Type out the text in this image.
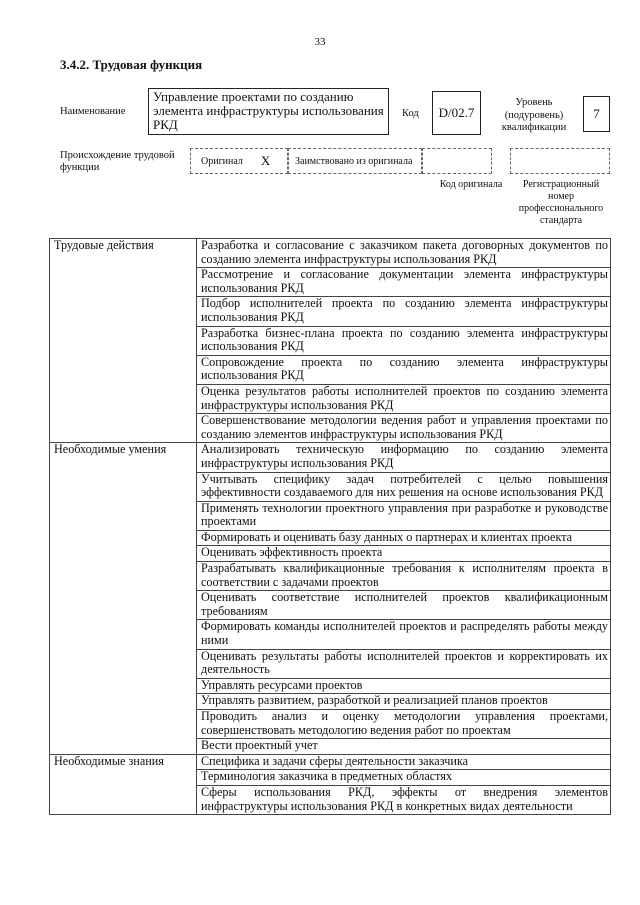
33
3.4.2. Трудовая функция
Наименование
Управление проектами по созданию элемента инфраструктуры использования РКД
Код	D/02.7
Уровень (подуровень) квалификации
7
Происхождение трудовой функции
Оригинал	X Заимствовано из оригинала
Код оригинала	Регистрационный номер профессионального стандарта
Трудовые действия	Разработка и согласование с заказчиком пакета договорных документов по созданию элемента инфраструктуры использования РКД
	Рассмотрение и согласование документации элемента инфраструктуры использования РКД
	Подбор исполнителей проекта по созданию элемента инфраструктуры использования РКД
	Разработка бизнес-плана проекта по созданию элемента инфраструктуры использования РКД
	Сопровождение проекта по созданию элемента инфраструктуры использования РКД
	Оценка результатов работы исполнителей проектов по созданию элемента инфраструктуры использования РКД
	Совершенствование методологии ведения работ и управления проектами по созданию элементов инфраструктуры использования РКД
Необходимые умения	Анализировать техническую информацию по созданию элемента инфраструктуры использования РКД
	Учитывать специфику задач потребителей с целью повышения эффективности создаваемого для них решения на основе использования РКД
	Применять технологии проектного управления при разработке и руководстве проектами
	Формировать и оценивать базу данных о партнерах и клиентах проекта
	Оценивать эффективность проекта
	Разрабатывать квалификационные требования к исполнителям проекта в соответствии с задачами проектов
	Оценивать соответствие исполнителей проектов квалификационным требованиям
	Формировать команды исполнителей проектов и распределять работы между ними
	Оценивать результаты работы исполнителей проектов и корректировать их деятельность
	Управлять ресурсами проектов
	Управлять развитием, разработкой и реализацией планов проектов
	Проводить анализ и оценку методологии управления проектами, совершенствовать методологию ведения работ по проектам
	Вести проектный учет
Необходимые знания	Специфика и задачи сферы деятельности заказчика
	Терминология заказчика в предметных областях
	Сферы использования РКД, эффекты от внедрения элементов инфраструктуры использования РКД в конкретных видах деятельности
